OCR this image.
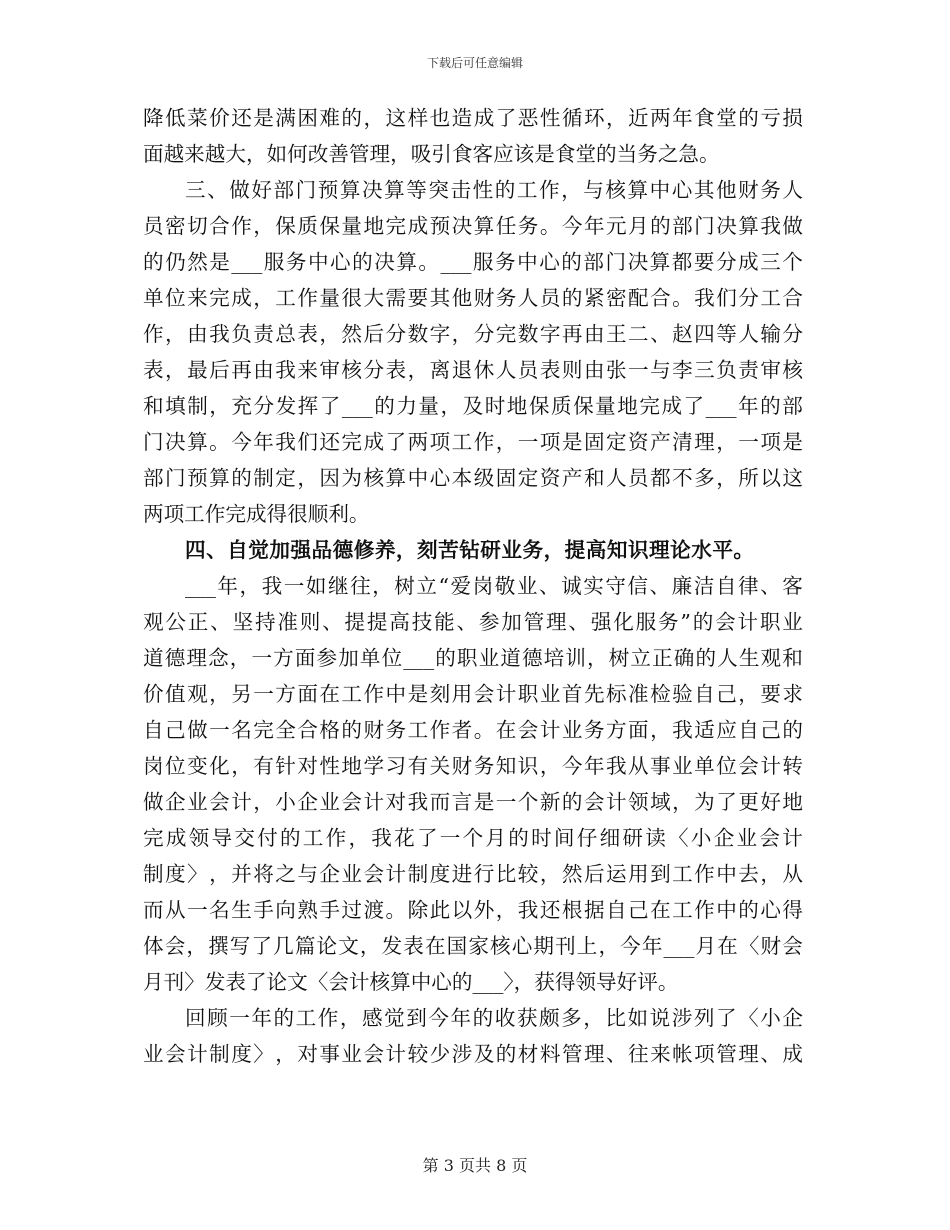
下载后可任意编辑
降 低 菜 价 还 是 满 困 难 的 ， 这 样 也 造 成 了 恶 性 循 环 ， 近 两 年 食 堂 的 亏 损
面越来越大，如何改善管理，吸引食客应该是食堂的当务之急。
三 、 做 好 部 门 预 算 决 算 等 突 击 性 的 工 作 ， 与 核 算 中 心 其 他 财 务 人
员 密 切 合 作 ， 保 质 保 量 地 完 成 预 决 算 任 务 。 今 年 元 月 的 部 门 决 算 我 做
的 仍 然 是 ___ 服 务 中 心 的 决 算 。 ___ 服 务 中 心 的 部 门 决 算 都 要 分 成 三 个
单 位 来 完 成 ， 工 作 量 很 大 需 要 其 他 财 务 人 员 的 紧 密 配 合 。 我 们 分 工 合
作 ， 由 我 负 责 总 表 ， 然 后 分 数 字 ， 分 完 数 字 再 由 王 二 、 赵 四 等 人 输 分
表 ， 最 后 再 由 我 来 审 核 分 表 ， 离 退 休 人 员 表 则 由 张 一 与 李 三 负 责 审 核
和 填 制 ， 充 分 发 挥 了 ___ 的 力 量 ， 及 时 地 保 质 保 量 地 完 成 了 ___ 年 的 部
门 决 算 。 今 年 我 们 还 完 成 了 两 项 工 作 ， 一 项 是 固 定 资 产 清 理 ， 一 项 是
部 门 预 算 的 制 定 ， 因 为 核 算 中 心 本 级 固 定 资 产 和 人 员 都 不 多 ， 所 以 这
两项工作完成得很顺利。
四、自觉加强品德修养，刻苦钻研业务，提高知识理论水平。
___ 年 ， 我 一 如 继 往 ， 树 立 “ 爱 岗 敬 业 、 诚 实 守 信 、 廉 洁 自 律 、 客
观 公 正 、 坚 持 准 则 、 提 提 高 技 能 、 参 加 管 理 、 强 化 服 务 ” 的 会 计 职 业
道 德 理 念 ， 一 方 面 参 加 单 位 ___ 的 职 业 道 德 培 训 ， 树 立 正 确 的 人 生 观 和
价 值 观 ， 另 一 方 面 在 工 作 中 是 刻 用 会 计 职 业 首 先 标 准 检 验 自 己 ， 要 求
自 己 做 一 名 完 全 合 格 的 财 务 工 作 者 。 在 会 计 业 务 方 面 ， 我 适 应 自 己 的
岗 位 变 化 ， 有 针 对 性 地 学 习 有 关 财 务 知 识 ， 今 年 我 从 事 业 单 位 会 计 转
做 企 业 会 计 ， 小 企 业 会 计 对 我 而 言 是 一 个 新 的 会 计 领 域 ， 为 了 更 好 地
完 成 领 导 交 付 的 工 作 ， 我 花 了 一 个 月 的 时 间 仔 细 研 读 〈 小 企 业 会 计
制 度 〉 ， 并 将 之 与 企 业 会 计 制 度 进 行 比 较 ， 然 后 运 用 到 工 作 中 去 ， 从
而 从 一 名 生 手 向 熟 手 过 渡 。 除 此 以 外 ， 我 还 根 据 自 己 在 工 作 中 的 心 得
体 会 ， 撰 写 了 几 篇 论 文 ， 发 表 在 国 家 核 心 期 刊 上 ， 今 年 ___ 月 在 〈 财 会
月刊〉发表了论文〈会计核算中心的___〉，获得领导好评。
回 顾 一 年 的 工 作 ， 感 觉 到 今 年 的 收 获 颇 多 ， 比 如 说 涉 列 了 〈 小 企
业 会 计 制 度 〉 ， 对 事 业 会 计 较 少 涉 及 的 材 料 管 理 、 往 来 帐 项 管 理 、 成
第 3 页共 8 页
